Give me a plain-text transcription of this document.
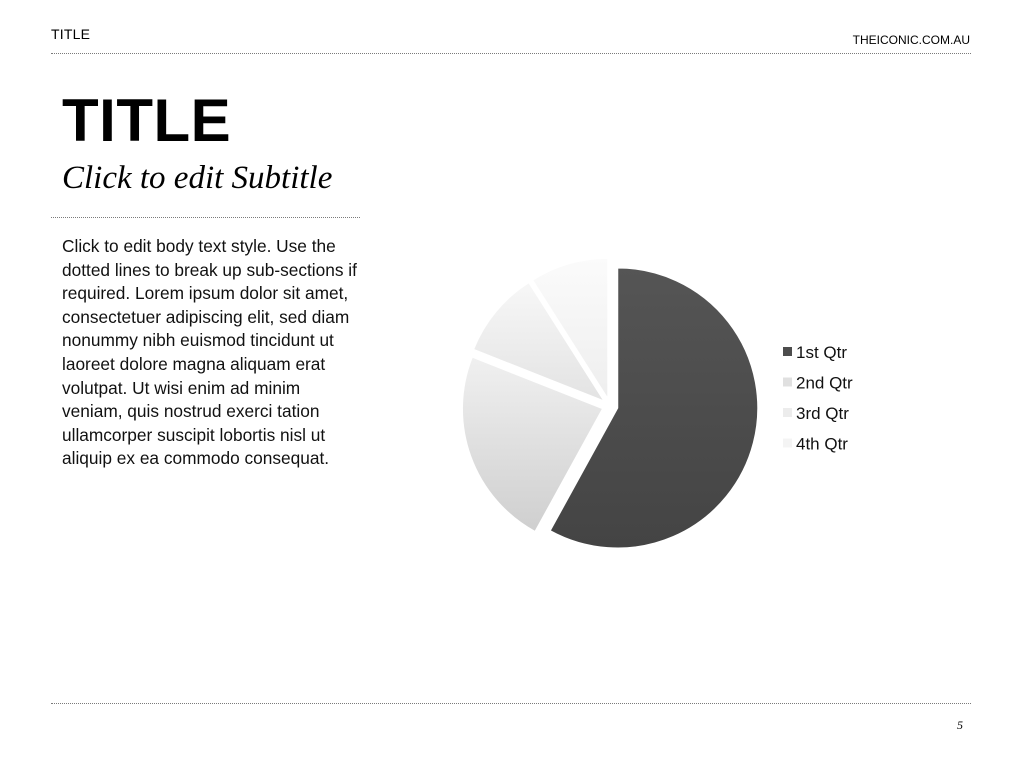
TITLE	THEICONIC.COM.AU
TITLE
Click to edit Subtitle
Click to edit body text style. Use the dotted lines to break up sub-sections if required. Lorem ipsum dolor sit amet, consectetuer adipiscing elit, sed diam nonummy nibh euismod tincidunt ut laoreet dolore magna aliquam erat volutpat. Ut wisi enim ad minim veniam, quis nostrud exerci tation ullamcorper suscipit lobortis nisl ut aliquip ex ea commodo consequat.
1st Qtr
2nd Qtr
3rd Qtr
4th Qtr
5
